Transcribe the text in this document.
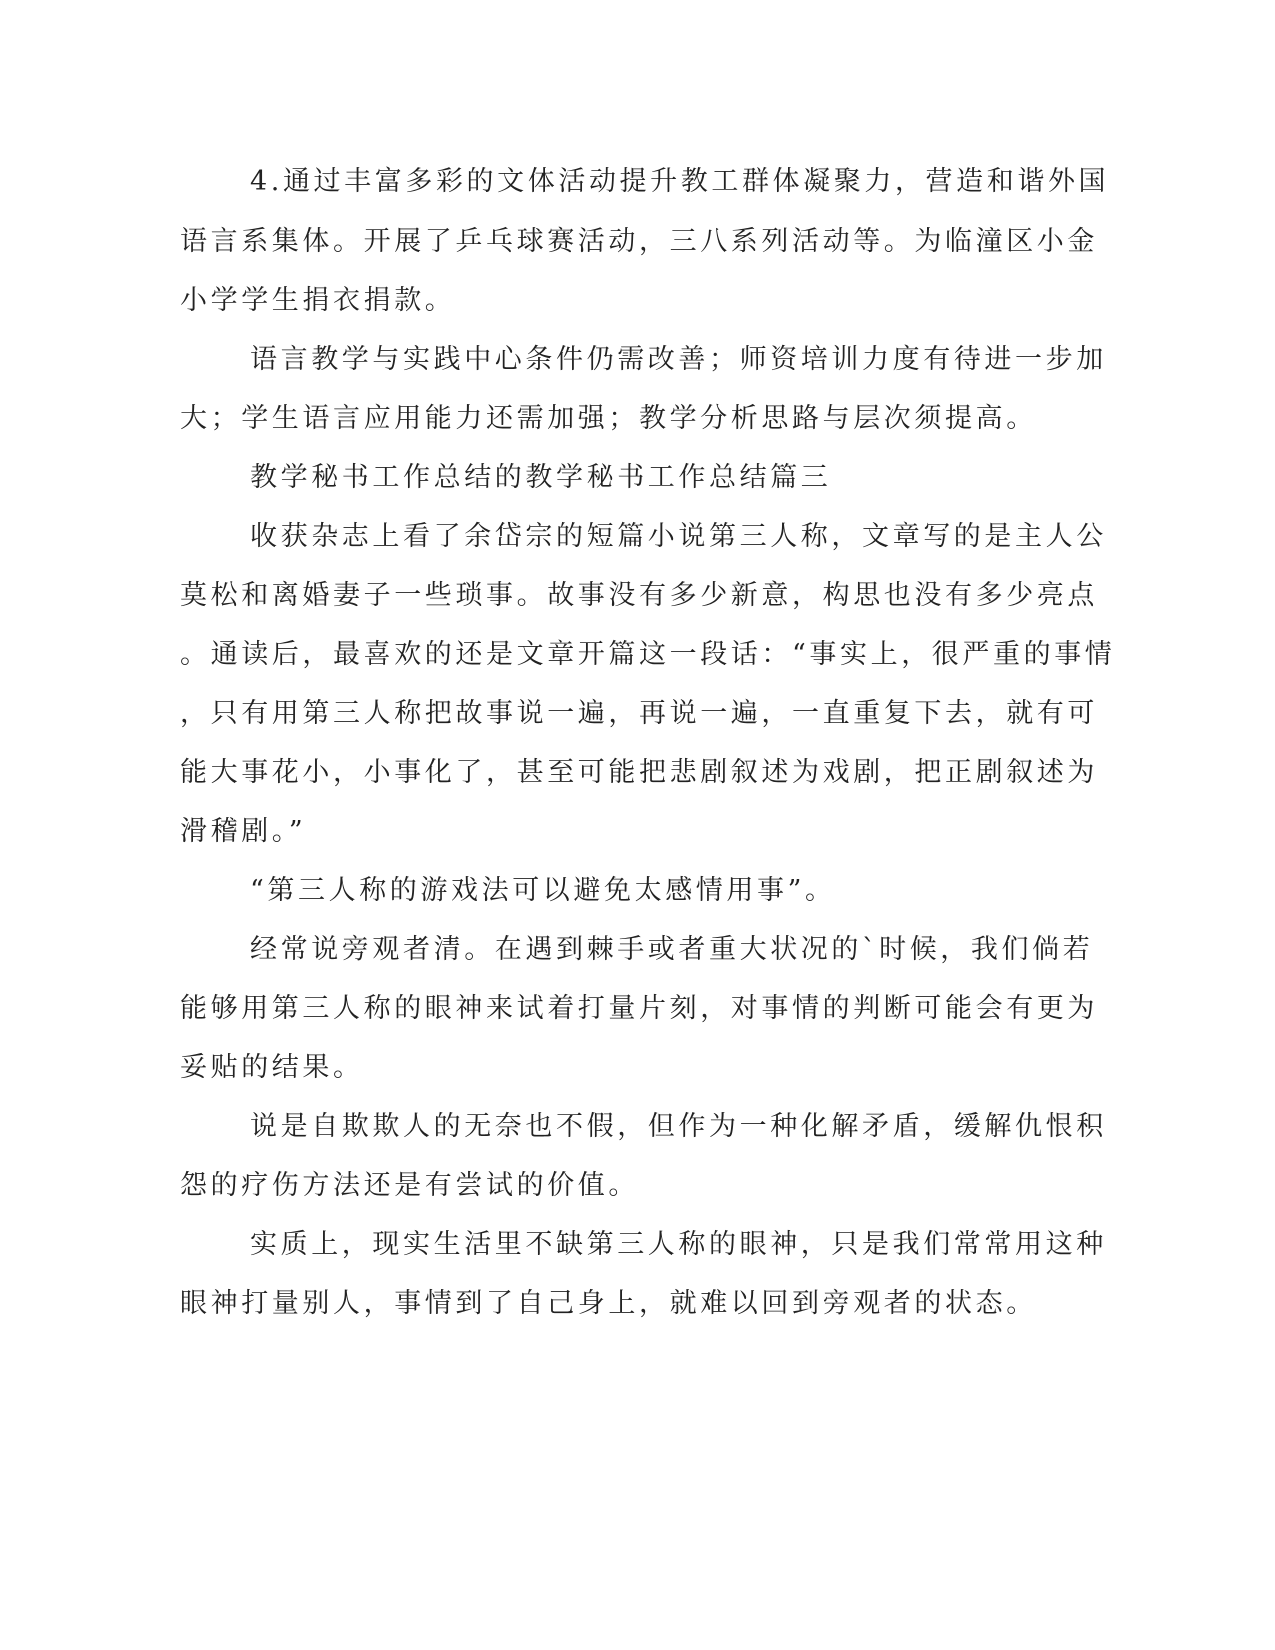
4.通过丰富多彩的文体活动提升教工群体凝聚力，营造和谐外国
语言系集体。开展了乒乓球赛活动，三八系列活动等。为临潼区小金
小学学生捐衣捐款。
语言教学与实践中心条件仍需改善；师资培训力度有待进一步加
大；学生语言应用能力还需加强；教学分析思路与层次须提高。
教学秘书工作总结的教学秘书工作总结篇三
收获杂志上看了余岱宗的短篇小说第三人称，文章写的是主人公
莫松和离婚妻子一些琐事。故事没有多少新意，构思也没有多少亮点
。通读后，最喜欢的还是文章开篇这一段话：“事实上，很严重的事情
，只有用第三人称把故事说一遍，再说一遍，一直重复下去，就有可
能大事花小，小事化了，甚至可能把悲剧叙述为戏剧，把正剧叙述为
滑稽剧。”
“第三人称的游戏法可以避免太感情用事”。
经常说旁观者清。在遇到棘手或者重大状况的`时候，我们倘若
能够用第三人称的眼神来试着打量片刻，对事情的判断可能会有更为
妥贴的结果。
说是自欺欺人的无奈也不假，但作为一种化解矛盾，缓解仇恨积
怨的疗伤方法还是有尝试的价值。
实质上，现实生活里不缺第三人称的眼神，只是我们常常用这种
眼神打量别人，事情到了自己身上，就难以回到旁观者的状态。
